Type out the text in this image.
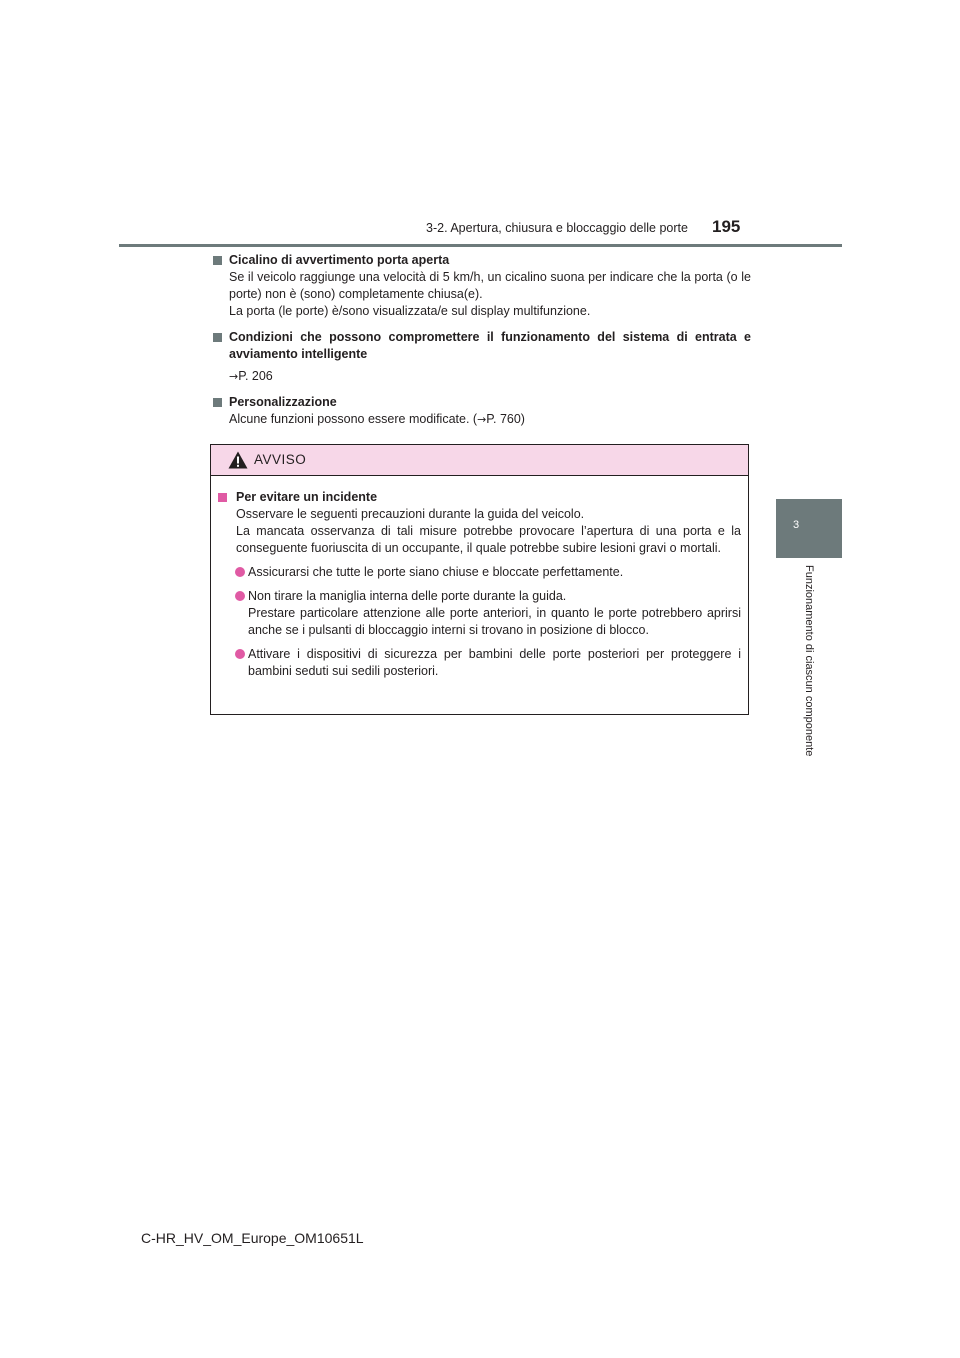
3-2. Apertura, chiusura e bloccaggio delle porte	195
3
Funzionamento di ciascun componente
Cicalino di avvertimento porta aperta
Se il veicolo raggiunge una velocità di 5 km/h, un cicalino suona per indicare che la porta (o le porte) non è (sono) completamente chiusa(e).
La porta (le porte) è/sono visualizzata/e sul display multifunzione.
Condizioni che possono compromettere il funzionamento del sistema di entrata e avviamento intelligente
→P. 206
Personalizzazione
Alcune funzioni possono essere modificate. (→P. 760)
AVVISO
Per evitare un incidente
Osservare le seguenti precauzioni durante la guida del veicolo.
La mancata osservanza di tali misure potrebbe provocare l’apertura di una porta e la conseguente fuoriuscita di un occupante, il quale potrebbe subire lesioni gravi o mortali.
Assicurarsi che tutte le porte siano chiuse e bloccate perfettamente.
Non tirare la maniglia interna delle porte durante la guida.
Prestare particolare attenzione alle porte anteriori, in quanto le porte potrebbero aprirsi anche se i pulsanti di bloccaggio interni si trovano in posizione di blocco.
Attivare i dispositivi di sicurezza per bambini delle porte posteriori per proteggere i bambini seduti sui sedili posteriori.
C-HR_HV_OM_Europe_OM10651L
